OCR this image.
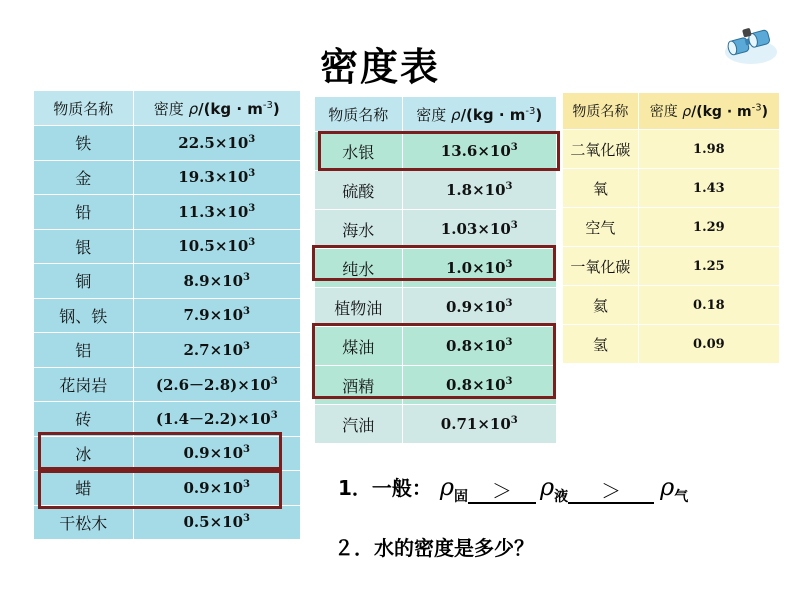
密度表
物质名称	密度 $\rho/(kg \cdot m^{-3})$
铁	$22.5\times 10^3$
金	$19.3\times 10^3$
铅	$11.3\times 10^3$
银	$10.5\times 10^3$
铜	$8.9\times 10^3$
钢、铁	$7.9\times 10^3$
铝	$2.7\times 10^3$
花岗岩	$(2.6-2.8)\times 10^3$
砖	$(1.4-2.2)\times 10^3$
冰	$0.9\times 10^3$
蜡	$0.9\times 10^3$
干松木	$0.5\times 10^3$
物质名称	密度 $\rho/(kg \cdot m^{-3})$
水银	$13.6\times 10^3$
硫酸	$1.8\times 10^3$
海水	$1.03\times 10^3$
纯水	$1.0\times 10^3$
植物油	$0.9\times 10^3$
煤油	$0.8\times 10^3$
酒精	$0.8\times 10^3$
汽油	$0.71\times 10^3$
物质名称	密度 $\rho/(kg \cdot m^{-3})$
二氧化碳	1.98
氧	1.43
空气	1.29
一氧化碳	1.25
氦	0.18
氢	0.09
1．一般： ρ 固	＞	ρ 液	＞	ρ 气
２．水的密度是多少？
